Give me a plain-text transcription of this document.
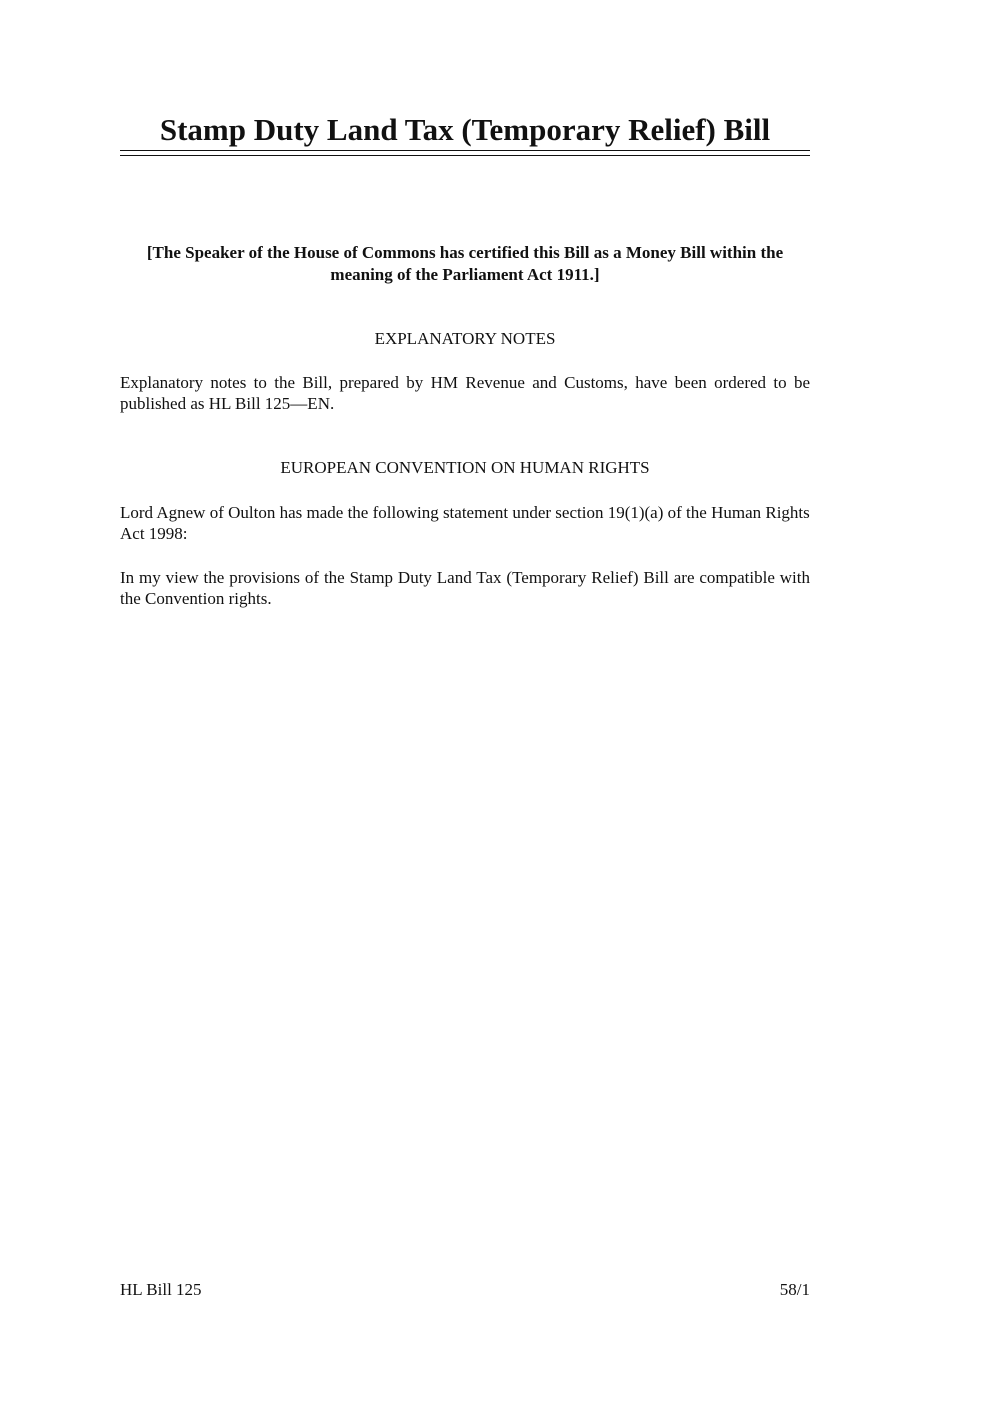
Stamp Duty Land Tax (Temporary Relief) Bill

[The Speaker of the House of Commons has certified this Bill as a Money Bill within the meaning of the Parliament Act 1911.]

EXPLANATORY NOTES

Explanatory notes to the Bill, prepared by HM Revenue and Customs, have been ordered to be published as HL Bill 125—EN.

EUROPEAN CONVENTION ON HUMAN RIGHTS

Lord Agnew of Oulton has made the following statement under section 19(1)(a) of the Human Rights Act 1998:

In my view the provisions of the Stamp Duty Land Tax (Temporary Relief) Bill are compatible with the Convention rights.

HL Bill 125	58/1
